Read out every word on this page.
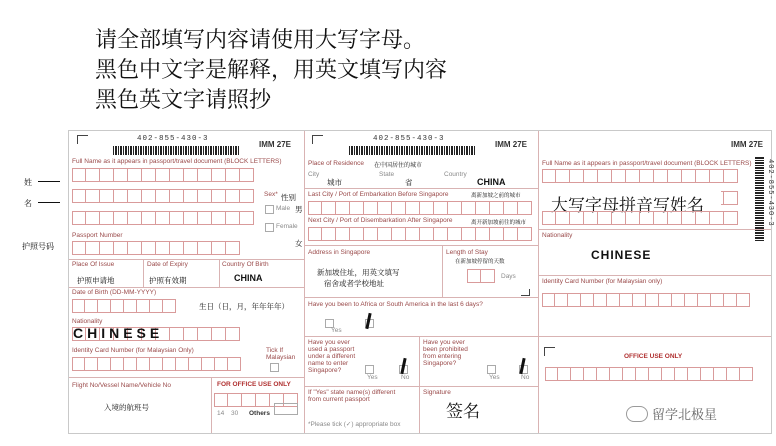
请全部填写内容请使用大写字母。
黑色中文字是解释，用英文填写内容
黑色英文字请照抄
姓
名
护照号码
402-855-430-3
IMM 27E
Full Name as it appears in passport/travel document (BLOCK LETTERS)
Sex* 性别
Male 男
Female
女
Passport Number
Place Of Issue
护照申请地
Date of Expiry
护照有效期
Country Of Birth
CHINA
Date of Birth (DD-MM-YYYY)
生日（日，月，年年年年）
Nationality
CHINESE
Identity Card Number (for Malaysian Only)	Tick If
Malaysian
Flight No/Vessel Name/Vehicle No
入境的航班号
FOR OFFICE USE ONLY
14 30 Others
402-855-430-3
IMM 27E
Place of Residence 在中国居住的城市
City
城市
State
省
Country
CHINA
Last City / Port of Embarkation Before Singapore	离新加坡之前的城市
Next City / Port of Disembarkation After Singapore	离开新加坡前往的城市
Address in Singapore
新加坡住址，用英文填写
宿舍或者学校地址
Length of Stay
在新加坡停留的天数
Days
Have you been to Africa or South America in the last 6 days?
Yes
Have you ever
used a passport
under a different
name to enter
Singapore?
Yes	No
Have you ever
been prohibited
from entering
Singapore?
Yes	No
If "Yes" state name(s) different
from current passport
*Please tick (✓) appropriate box
Signature
签名
IMM 27E
402-855-430-3
Full Name as it appears in passport/travel document (BLOCK LETTERS)
大写字母拼音写姓名
Nationality
CHINESE
Identity Card Number (for Malaysian only)
OFFICE USE ONLY
留学北极星
